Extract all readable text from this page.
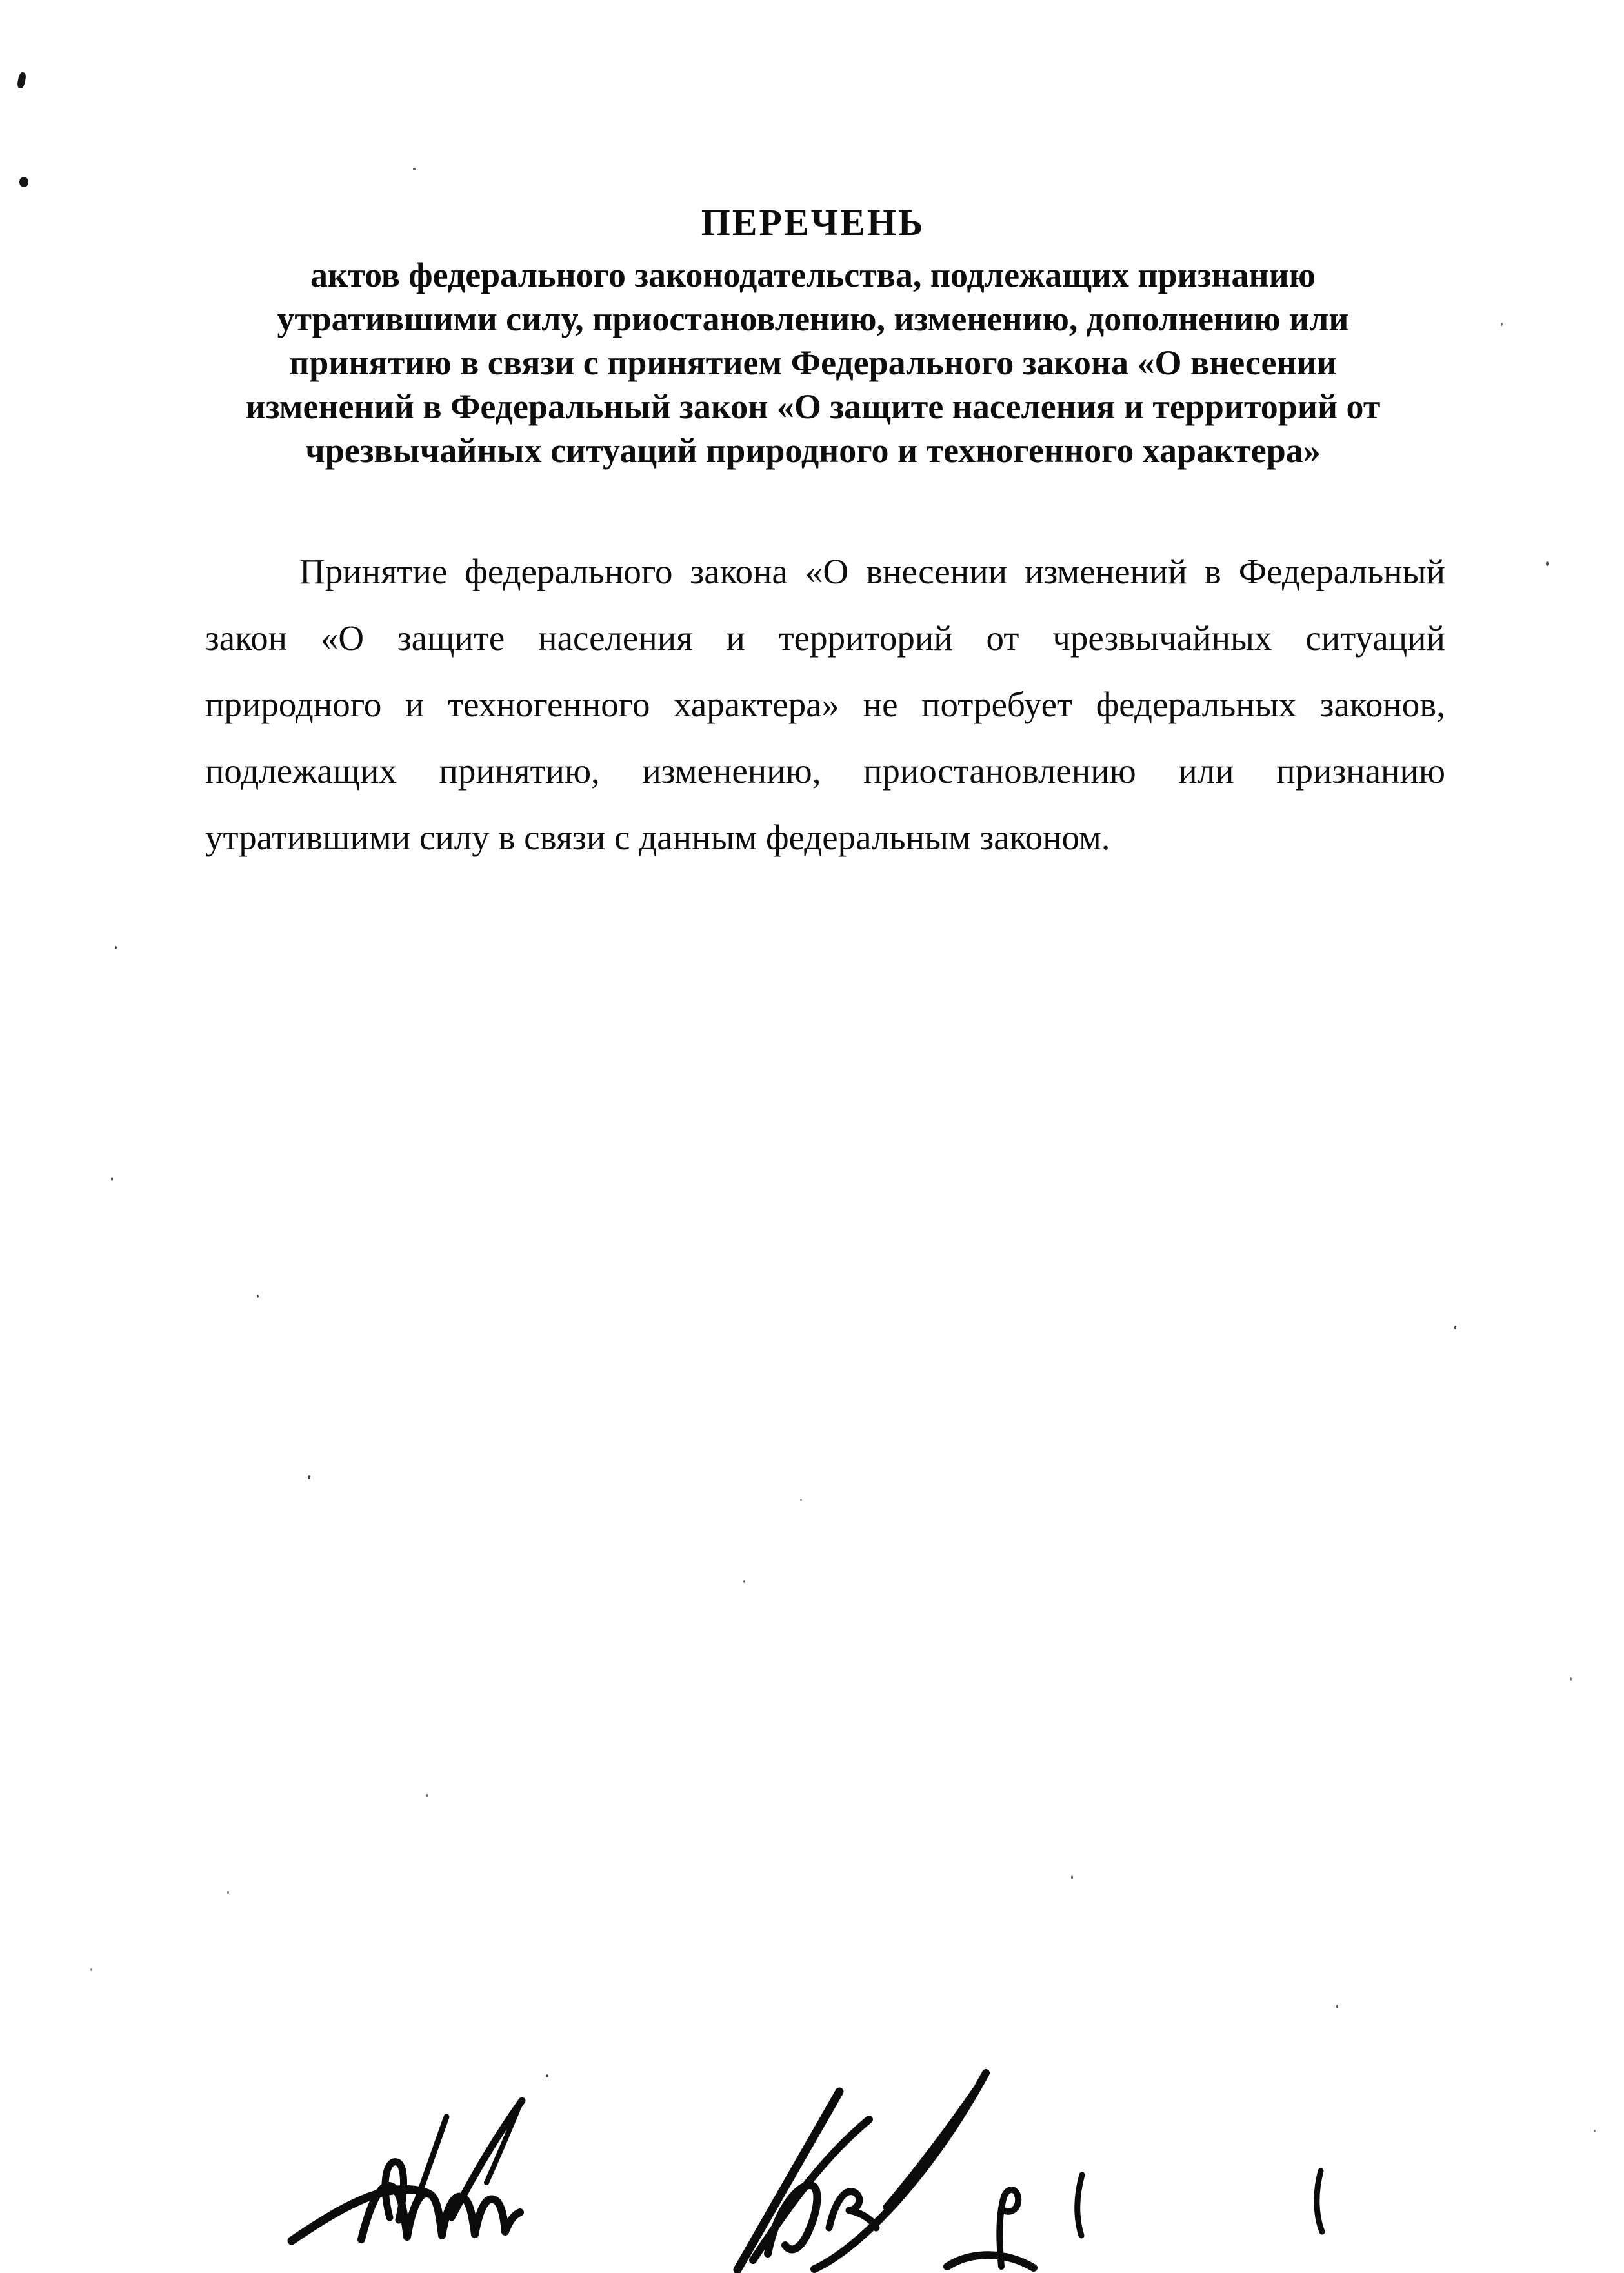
ПЕРЕЧЕНЬ
актов федерального законодательства, подлежащих признанию
утратившими силу, приостановлению, изменению, дополнению или
принятию в связи с принятием Федерального закона «О внесении
изменений в Федеральный закон «О защите населения и территорий от
чрезвычайных ситуаций природного и техногенного характера»
Принятие федерального закона «О внесении изменений в Федеральный
закон «О защите населения и территорий от чрезвычайных ситуаций
природного и техногенного характера» не потребует федеральных законов,
подлежащих принятию, изменению, приостановлению или признанию
утратившими силу в связи с данным федеральным законом.
